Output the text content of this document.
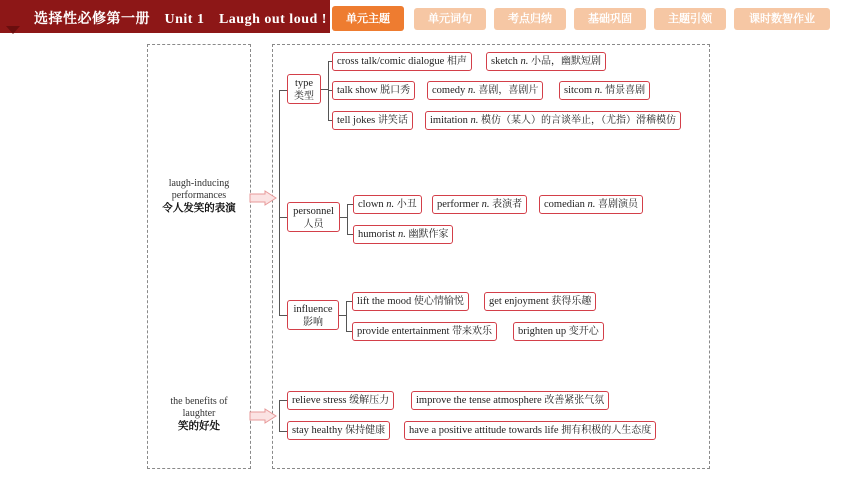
选择性必修第一册　Unit 1　Laugh out loud !	单元主题	单元词句	考点归纳	基础巩固	主题引领	课时数智作业
laugh-inducing
performances
令人发笑的表演
the benefits of
laughter
笑的好处
type
类型
cross talk/comic dialogue 相声	sketch n. 小品，幽默短剧
talk show 脱口秀	comedy n. 喜剧，喜剧片	sitcom n. 情景喜剧
tell jokes 讲笑话	imitation n. 模仿（某人）的言谈举止，（尤指）滑稽模仿
personnel
人员
clown n. 小丑	performer n. 表演者	comedian n. 喜剧演员
humorist n. 幽默作家
influence
影响
lift the mood 使心情愉悦	get enjoyment 获得乐趣
provide entertainment 带来欢乐	brighten up 变开心
relieve stress 缓解压力	improve the tense atmosphere 改善紧张气氛
stay healthy 保持健康	have a positive attitude towards life 拥有积极的人生态度
